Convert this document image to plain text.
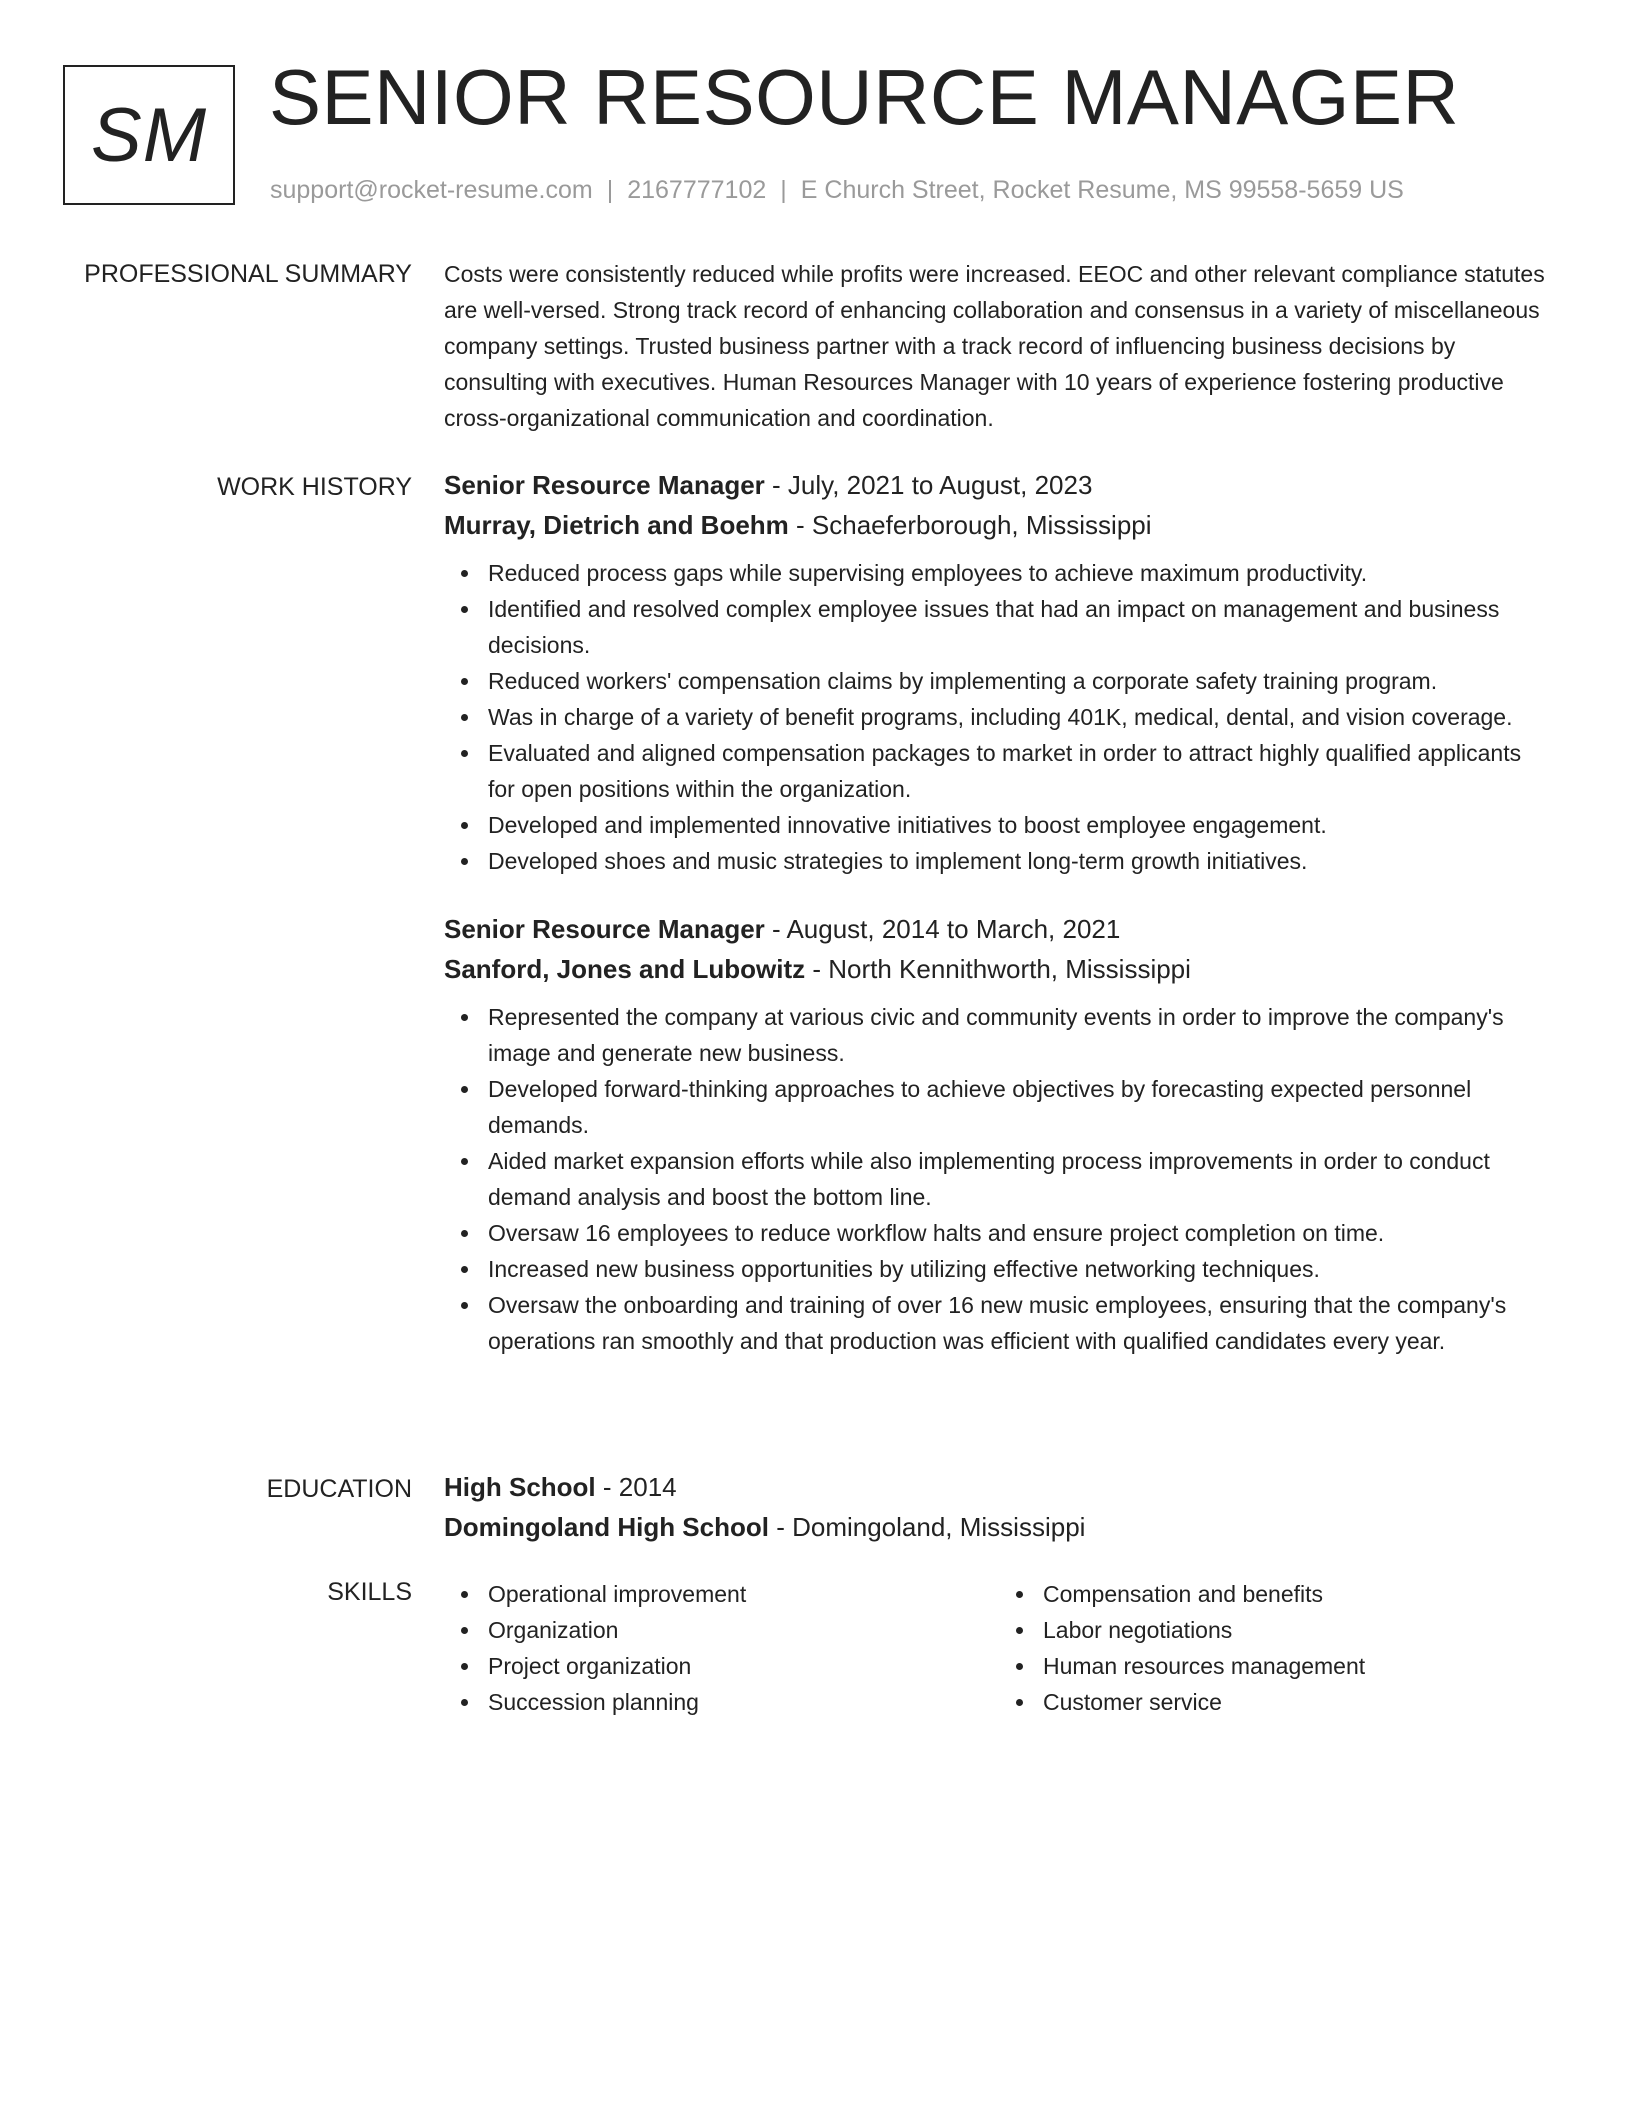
SM SENIOR RESOURCE MANAGER
support@rocket-resume.com | 2167777102 | E Church Street, Rocket Resume, MS 99558-5659 US
PROFESSIONAL SUMMARY Costs were consistently reduced while profits were increased. EEOC and other relevant compliance statutes are well-versed. Strong track record of enhancing collaboration and consensus in a variety of miscellaneous company settings. Trusted business partner with a track record of influencing business decisions by consulting with executives. Human Resources Manager with 10 years of experience fostering productive cross-organizational communication and coordination.

WORK HISTORY Senior Resource Manager - July, 2021 to August, 2023
Murray, Dietrich and Boehm - Schaeferborough, Mississippi
Reduced process gaps while supervising employees to achieve maximum productivity.
Identified and resolved complex employee issues that had an impact on management and business decisions.
Reduced workers' compensation claims by implementing a corporate safety training program.
Was in charge of a variety of benefit programs, including 401K, medical, dental, and vision coverage.
Evaluated and aligned compensation packages to market in order to attract highly qualified applicants for open positions within the organization.
Developed and implemented innovative initiatives to boost employee engagement.
Developed shoes and music strategies to implement long-term growth initiatives.
Senior Resource Manager - August, 2014 to March, 2021
Sanford, Jones and Lubowitz - North Kennithworth, Mississippi
Represented the company at various civic and community events in order to improve the company's image and generate new business.
Developed forward-thinking approaches to achieve objectives by forecasting expected personnel demands.
Aided market expansion efforts while also implementing process improvements in order to conduct demand analysis and boost the bottom line.
Oversaw 16 employees to reduce workflow halts and ensure project completion on time.
Increased new business opportunities by utilizing effective networking techniques.
Oversaw the onboarding and training of over 16 new music employees, ensuring that the company's operations ran smoothly and that production was efficient with qualified candidates every year.
EDUCATION High School - 2014
Domingoland High School - Domingoland, Mississippi
SKILLS	Operational improvement
Organization
Project organization
Succession planning
Compensation and benefits
Labor negotiations
Human resources management
Customer service
